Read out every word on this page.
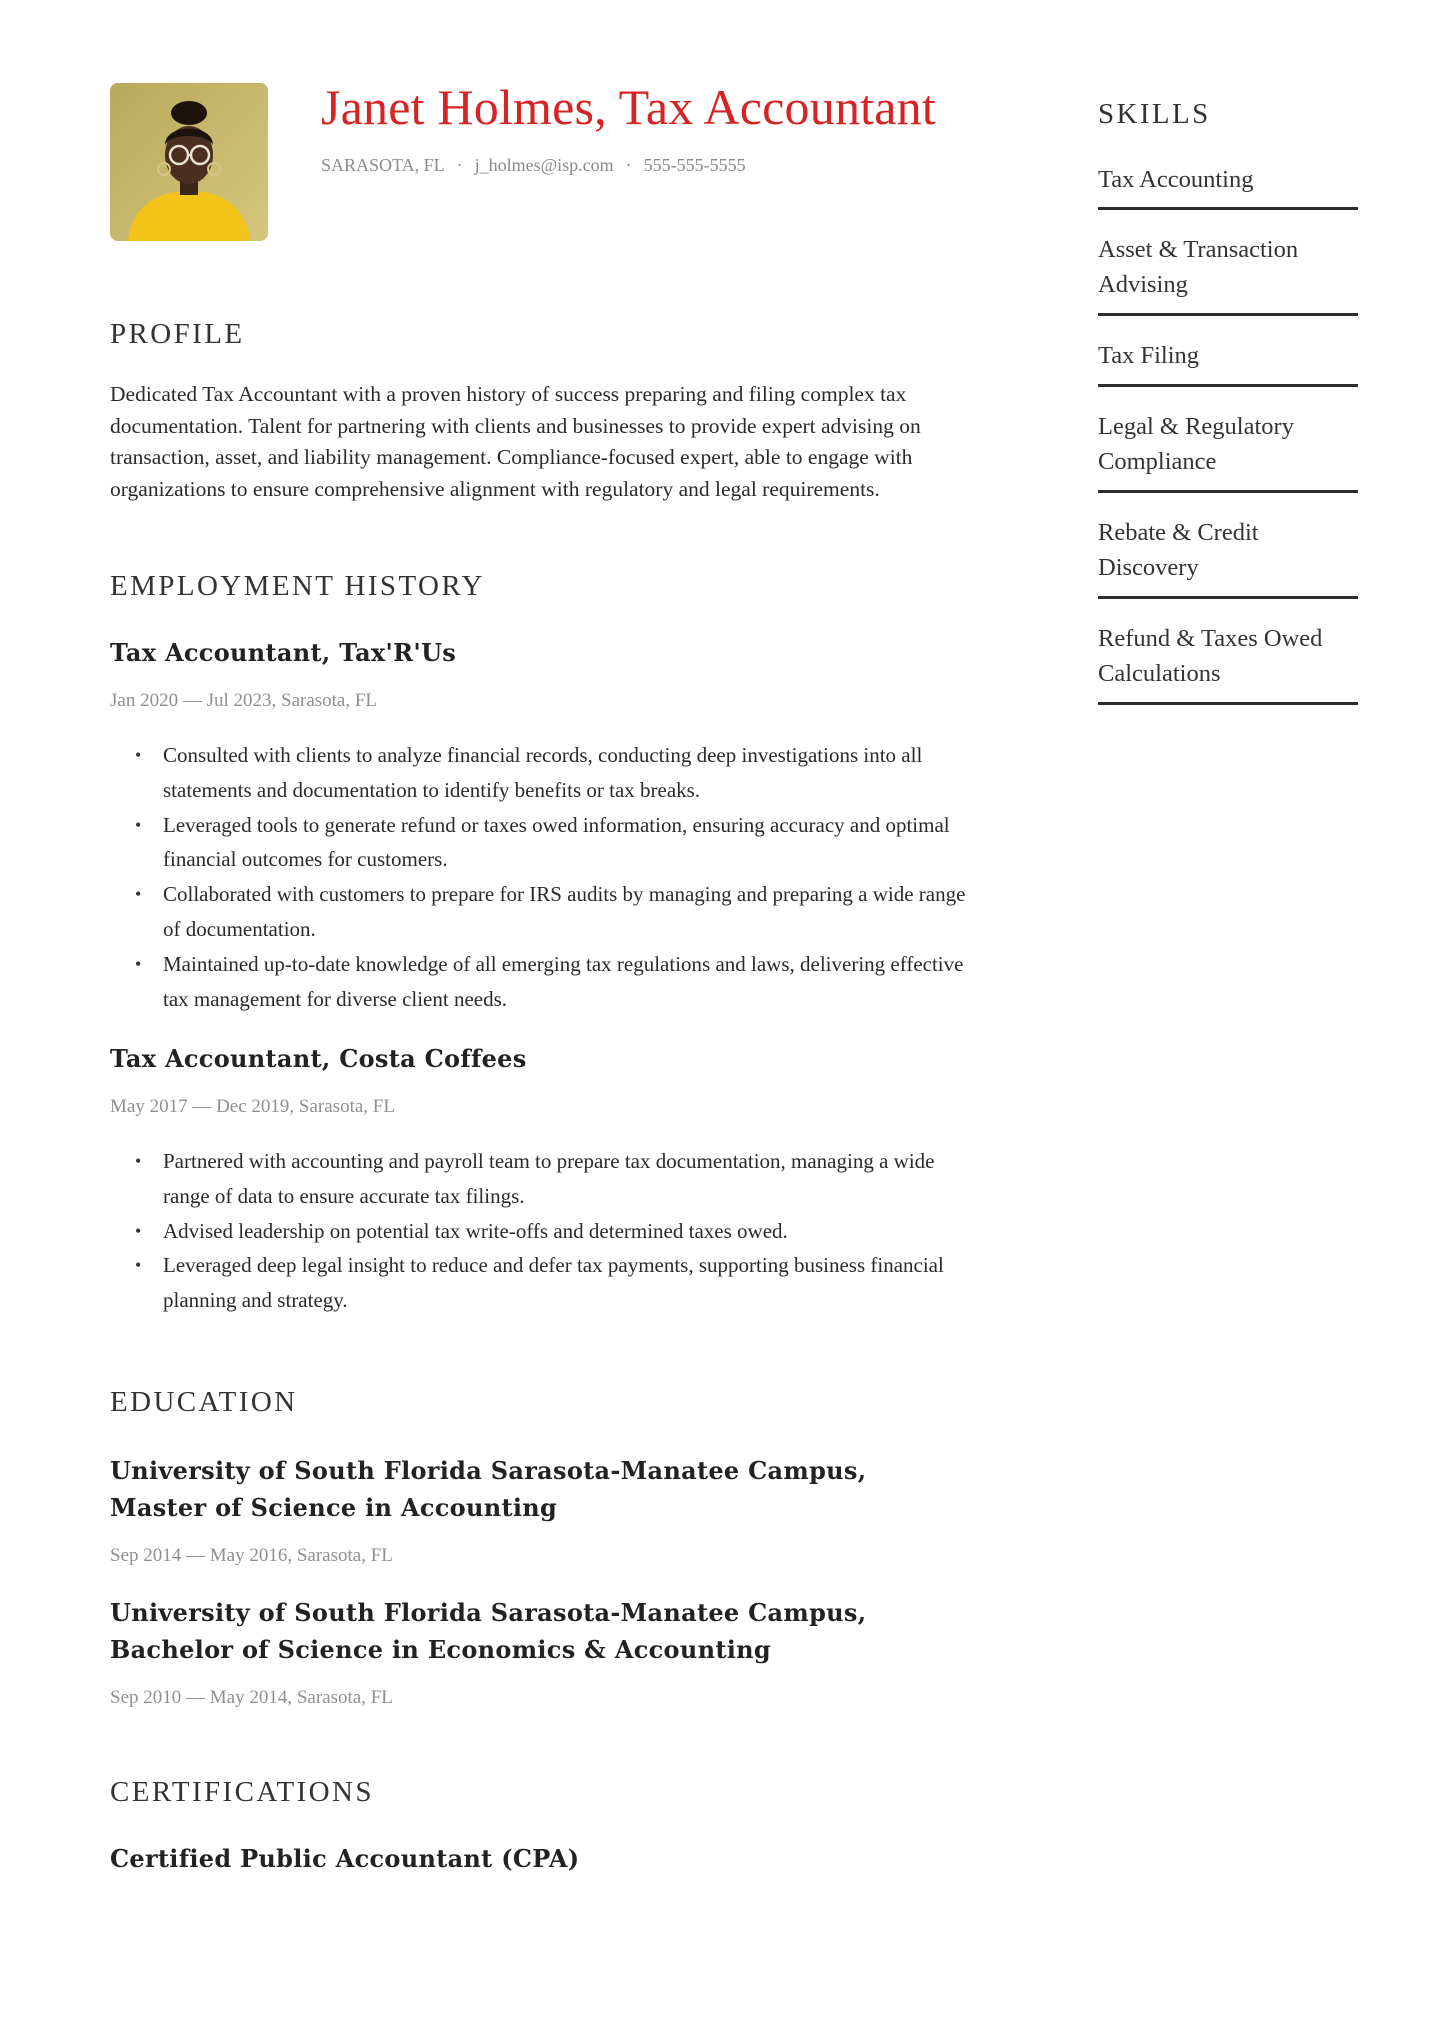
Janet Holmes, Tax Accountant
SARASOTA, FL · j_holmes@isp.com · 555-555-5555
PROFILE

Dedicated Tax Accountant with a proven history of success preparing and filing complex tax documentation. Talent for partnering with clients and businesses to provide expert advising on transaction, asset, and liability management. Compliance-focused expert, able to engage with organizations to ensure comprehensive alignment with regulatory and legal requirements.

EMPLOYMENT HISTORY
Tax Accountant, Tax'R'Us
Jan 2020 — Jul 2023, Sarasota, FL
• Consulted with clients to analyze financial records, conducting deep investigations into all statements and documentation to identify benefits or tax breaks.
• Leveraged tools to generate refund or taxes owed information, ensuring accuracy and optimal financial outcomes for customers.
• Collaborated with customers to prepare for IRS audits by managing and preparing a wide range of documentation.
• Maintained up-to-date knowledge of all emerging tax regulations and laws, delivering effective tax management for diverse client needs.
Tax Accountant, Costa Coffees
May 2017 — Dec 2019, Sarasota, FL
• Partnered with accounting and payroll team to prepare tax documentation, managing a wide range of data to ensure accurate tax filings.
• Advised leadership on potential tax write-offs and determined taxes owed.
• Leveraged deep legal insight to reduce and defer tax payments, supporting business financial planning and strategy.
EDUCATION
University of South Florida Sarasota-Manatee Campus, Master of Science in Accounting
Sep 2014 — May 2016, Sarasota, FL
University of South Florida Sarasota-Manatee Campus, Bachelor of Science in Economics & Accounting
Sep 2010 — May 2014, Sarasota, FL
CERTIFICATIONS
Certified Public Accountant (CPA)
SKILLS
Tax Accounting
Asset & Transaction Advising
Tax Filing
Legal & Regulatory Compliance
Rebate & Credit Discovery
Refund & Taxes Owed Calculations
